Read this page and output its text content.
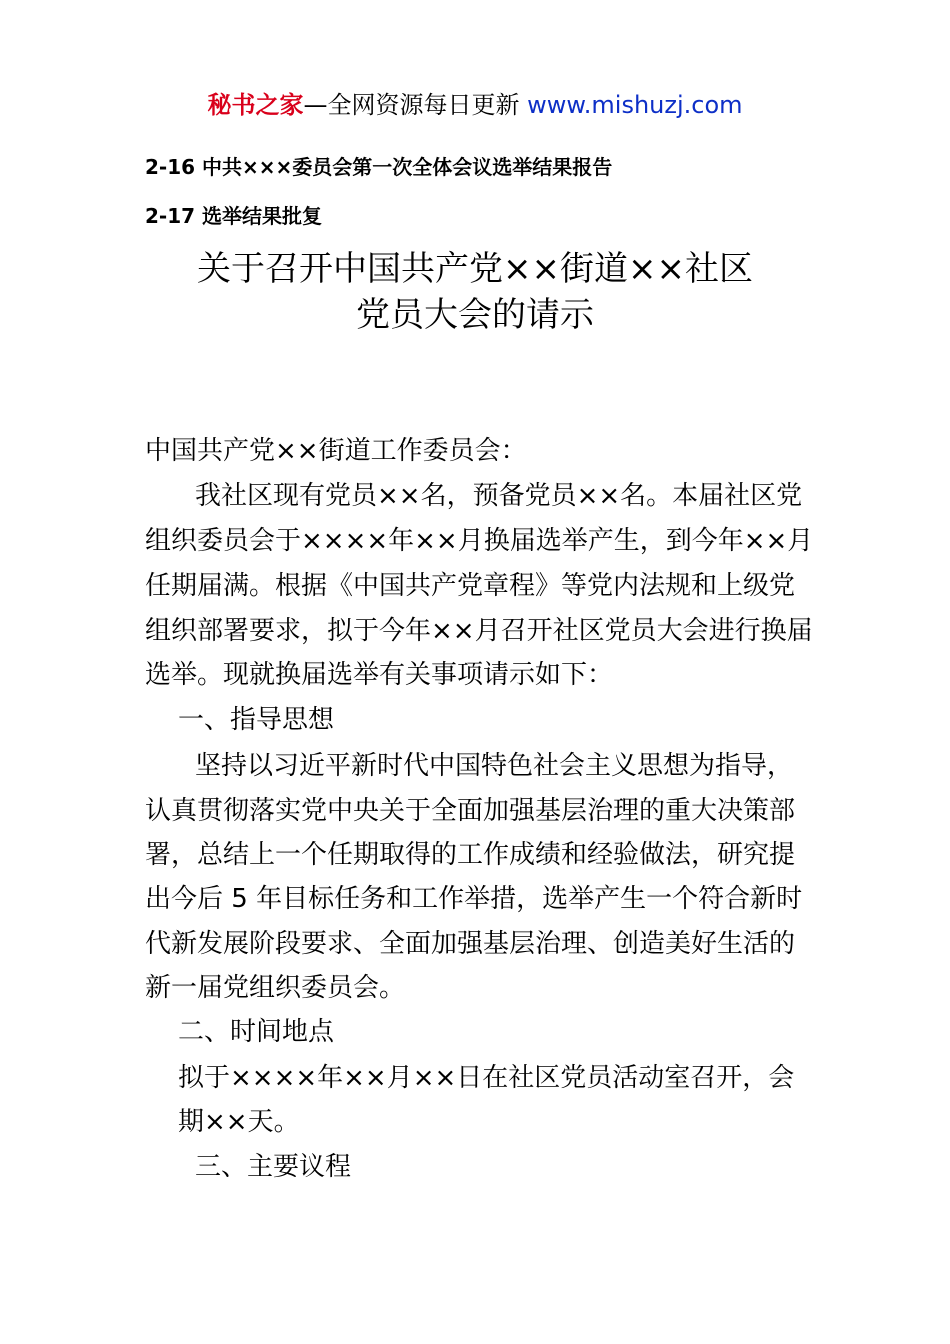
秘书之家—全网资源每日更新 www.mishuzj.com
2-16 中共×××委员会第一次全体会议选举结果报告
2-17 选举结果批复
关于召开中国共产党××街道××社区
党员大会的请示
中国共产党××街道工作委员会：
我社区现有党员××名，预备党员××名。本届社区党
组织委员会于××××年××月换届选举产生，到今年××月
任期届满。根据《中国共产党章程》等党内法规和上级党
组织部署要求，拟于今年××月召开社区党员大会进行换届
选举。现就换届选举有关事项请示如下：
一、指导思想
坚持以习近平新时代中国特色社会主义思想为指导，
认真贯彻落实党中央关于全面加强基层治理的重大决策部
署，总结上一个任期取得的工作成绩和经验做法，研究提
出今后 5 年目标任务和工作举措，选举产生一个符合新时
代新发展阶段要求、全面加强基层治理、创造美好生活的
新一届党组织委员会。
二、时间地点
拟于××××年××月××日在社区党员活动室召开，会
期××天。
三、主要议程
